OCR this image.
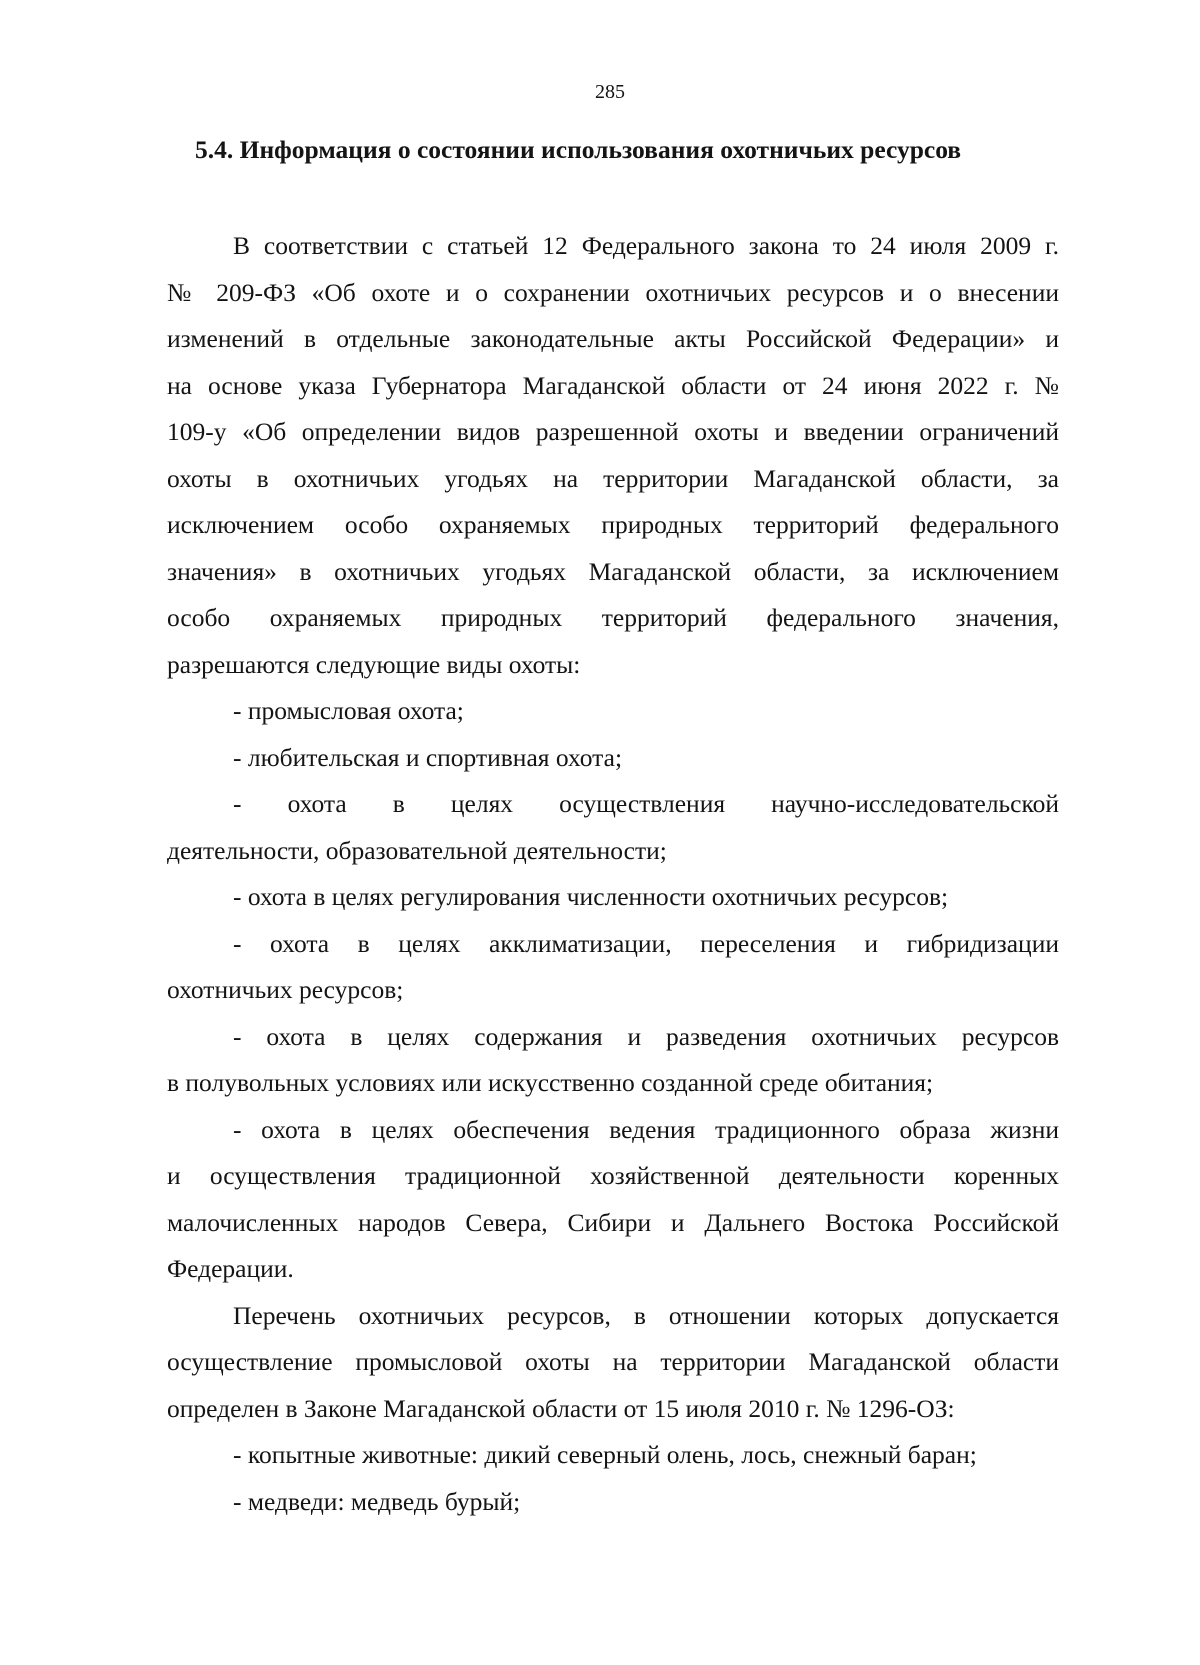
285
5.4. Информация о состоянии использования охотничьих ресурсов
В соответствии с статьей 12 Федерального закона то 24 июля 2009 г.
№ 209-ФЗ «Об охоте и о сохранении охотничьих ресурсов и о внесении
изменений в отдельные законодательные акты Российской Федерации» и
на основе указа Губернатора Магаданской области от 24 июня 2022 г. №
109-у «Об определении видов разрешенной охоты и введении ограничений
охоты в охотничьих угодьях на территории Магаданской области, за
исключением особо охраняемых природных территорий федерального
значения» в охотничьих угодьях Магаданской области, за исключением
особо охраняемых природных территорий федерального значения,
разрешаются следующие виды охоты:
- промысловая охота;
- любительская и спортивная охота;
- охота в целях осуществления научно-исследовательской
деятельности, образовательной деятельности;
- охота в целях регулирования численности охотничьих ресурсов;
- охота в целях акклиматизации, переселения и гибридизации
охотничьих ресурсов;
- охота в целях содержания и разведения охотничьих ресурсов
в полувольных условиях или искусственно созданной среде обитания;
- охота в целях обеспечения ведения традиционного образа жизни
и осуществления традиционной хозяйственной деятельности коренных
малочисленных народов Севера, Сибири и Дальнего Востока Российской
Федерации.
Перечень охотничьих ресурсов, в отношении которых допускается
осуществление промысловой охоты на территории Магаданской области
определен в Законе Магаданской области от 15 июля 2010 г. № 1296-ОЗ:
- копытные животные: дикий северный олень, лось, снежный баран;
- медведи: медведь бурый;
